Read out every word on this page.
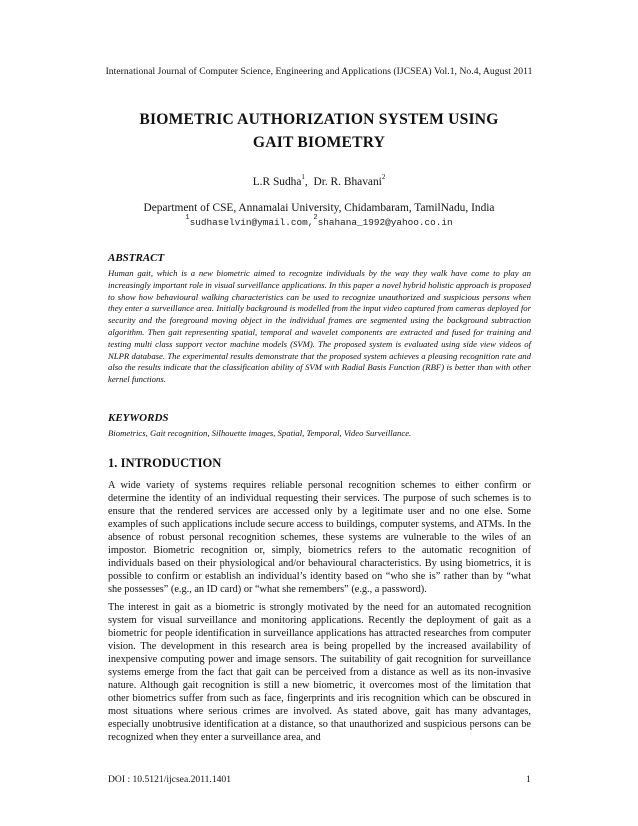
International Journal of Computer Science, Engineering and Applications (IJCSEA) Vol.1, No.4, August 2011
BIOMETRIC AUTHORIZATION SYSTEM USING
GAIT BIOMETRY
L.R Sudha$^1$,  Dr. R. Bhavani$^2$
Department of CSE, Annamalai University, Chidambaram, TamilNadu, India
$^1$sudhaselvin@ymail.com,$^2$shahana_1992@yahoo.co.in
ABSTRACT
Human gait, which is a new biometric aimed to recognize individuals by the way they walk have come to play an increasingly important role in visual surveillance applications. In this paper a novel hybrid holistic approach is proposed to show how behavioural walking characteristics can be used to recognize unauthorized and suspicious persons when they enter a surveillance area. Initially background is modelled from the input video captured from cameras deployed for security and the foreground moving object in the individual frames are segmented using the background subtraction algorithm. Then gait representing spatial, temporal and wavelet components are extracted and fused for training and testing multi class support vector machine models (SVM). The proposed system is evaluated using side view videos of NLPR database. The experimental results demonstrate that the proposed system achieves a pleasing recognition rate and also the results indicate that the classification ability of SVM with Radial Basis Function (RBF) is better than with other kernel functions.
KEYWORDS
Biometrics, Gait recognition, Silhouette images, Spatial, Temporal, Video Surveillance.
1. INTRODUCTION
A wide variety of systems requires reliable personal recognition schemes to either confirm or determine the identity of an individual requesting their services. The purpose of such schemes is to ensure that the rendered services are accessed only by a legitimate user and no one else. Some examples of such applications include secure access to buildings, computer systems, and ATMs. In the absence of robust personal recognition schemes, these systems are vulnerable to the wiles of an impostor. Biometric recognition or, simply, biometrics refers to the automatic recognition of individuals based on their physiological and/or behavioural characteristics. By using biometrics, it is possible to confirm or establish an individual’s identity based on “who she is” rather than by “what she possesses” (e.g., an ID card) or “what she remembers” (e.g., a password).
The interest in gait as a biometric is strongly motivated by the need for an automated recognition system for visual surveillance and monitoring applications. Recently the deployment of gait as a biometric for people identification in surveillance applications has attracted researches from computer vision. The development in this research area is being propelled by the increased availability of inexpensive computing power and image sensors. The suitability of gait recognition for surveillance systems emerge from the fact that gait can be perceived from a distance as well as its non-invasive nature. Although gait recognition is still a new biometric, it overcomes most of the limitation that other biometrics suffer from such as face, fingerprints and iris recognition which can be obscured in most situations where serious crimes are involved. As stated above, gait has many advantages, especially unobtrusive identification at a distance, so that unauthorized and suspicious persons can be recognized when they enter a surveillance area, and
DOI : 10.5121/ijcsea.2011.1401	1
